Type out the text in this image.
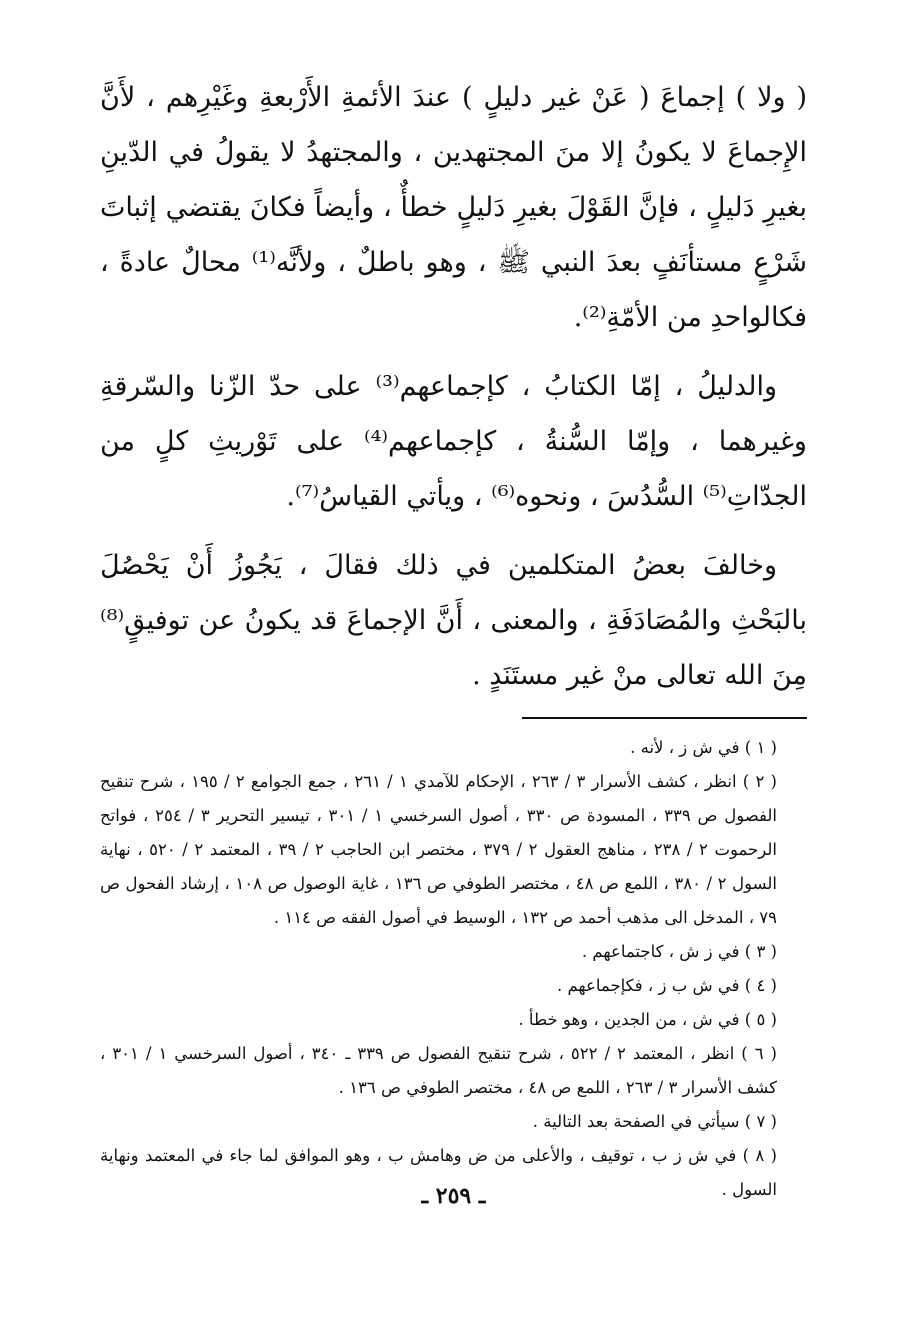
( ولا ) إجماعَ ( عَنْ غير دليلٍ ) عندَ الأئمةِ الأَرْبعةِ وغَيْرِهم ، لأَنَّ الإِجماعَ لا يكونُ إلا منَ المجتهدين ، والمجتهدُ لا يقولُ في الدّينِ بغيرِ دَليلٍ ، فإنَّ القَوْلَ بغيرِ دَليلٍ خطأٌ ، وأيضاً فكانَ يقتضي إثباتَ شَرْعٍ مستأنَفٍ بعدَ النبي ﷺ ، وهو باطلٌ ، ولأنَّه⁽¹⁾ محالٌ عادةً ، فكالواحدِ من الأمّةِ⁽²⁾.

والدليلُ ، إمّا الكتابُ ، كإجماعهم⁽³⁾ على حدّ الزّنا والسّرقةِ وغيرهما ، وإمّا السُّنةُ ، كإجماعهم⁽⁴⁾ على تَوْريثِ كلٍ من الجدّاتِ⁽⁵⁾ السُّدُسَ ، ونحوه⁽⁶⁾ ، ويأتي القياسُ⁽⁷⁾.

وخالفَ بعضُ المتكلمين في ذلك فقالَ ، يَجُوزُ أَنْ يَحْصُلَ بالبَحْثِ والمُصَادَفَةِ ، والمعنى ، أَنَّ الإجماعَ قد يكونُ عن توفيقٍ⁽⁸⁾ مِنَ الله تعالى منْ غير مستَنَدٍ .

( ١ ) في ش ز ، لأنه .

( ٢ ) انظر ، كشف الأسرار ٣ / ٢٦٣ ، الإحكام للآمدي ١ / ٢٦١ ، جمع الجوامع ٢ / ١٩٥ ، شرح تنقيح الفصول ص ٣٣٩ ، المسودة ص ٣٣٠ ، أصول السرخسي ١ / ٣٠١ ، تيسير التحرير ٣ / ٢٥٤ ، فواتح الرحموت ٢ / ٢٣٨ ، مناهج العقول ٢ / ٣٧٩ ، مختصر ابن الحاجب ٢ / ٣٩ ، المعتمد ٢ / ٥٢٠ ، نهاية السول ٢ / ٣٨٠ ، اللمع ص ٤٨ ، مختصر الطوفي ص ١٣٦ ، غاية الوصول ص ١٠٨ ، إرشاد الفحول ص ٧٩ ، المدخل الى مذهب أحمد ص ١٣٢ ، الوسيط في أصول الفقه ص ١١٤ .

( ٣ ) في ز ش ، كاجتماعهم .

( ٤ ) في ش ب ز ، فكإجماعهم .

( ٥ ) في ش ، من الجدين ، وهو خطأ .

( ٦ ) انظر ، المعتمد ٢ / ٥٢٢ ، شرح تنقيح الفصول ص ٣٣٩ ـ ٣٤٠ ، أصول السرخسي ١ / ٣٠١ ، كشف الأسرار ٣ / ٢٦٣ ، اللمع ص ٤٨ ، مختصر الطوفي ص ١٣٦ .

( ٧ ) سيأتي في الصفحة بعد التالية .

( ٨ ) في ش ز ب ، توقيف ، والأعلى من ض وهامش ب ، وهو الموافق لما جاء في المعتمد ونهاية السول .

ـ ٢٥٩ ـ
